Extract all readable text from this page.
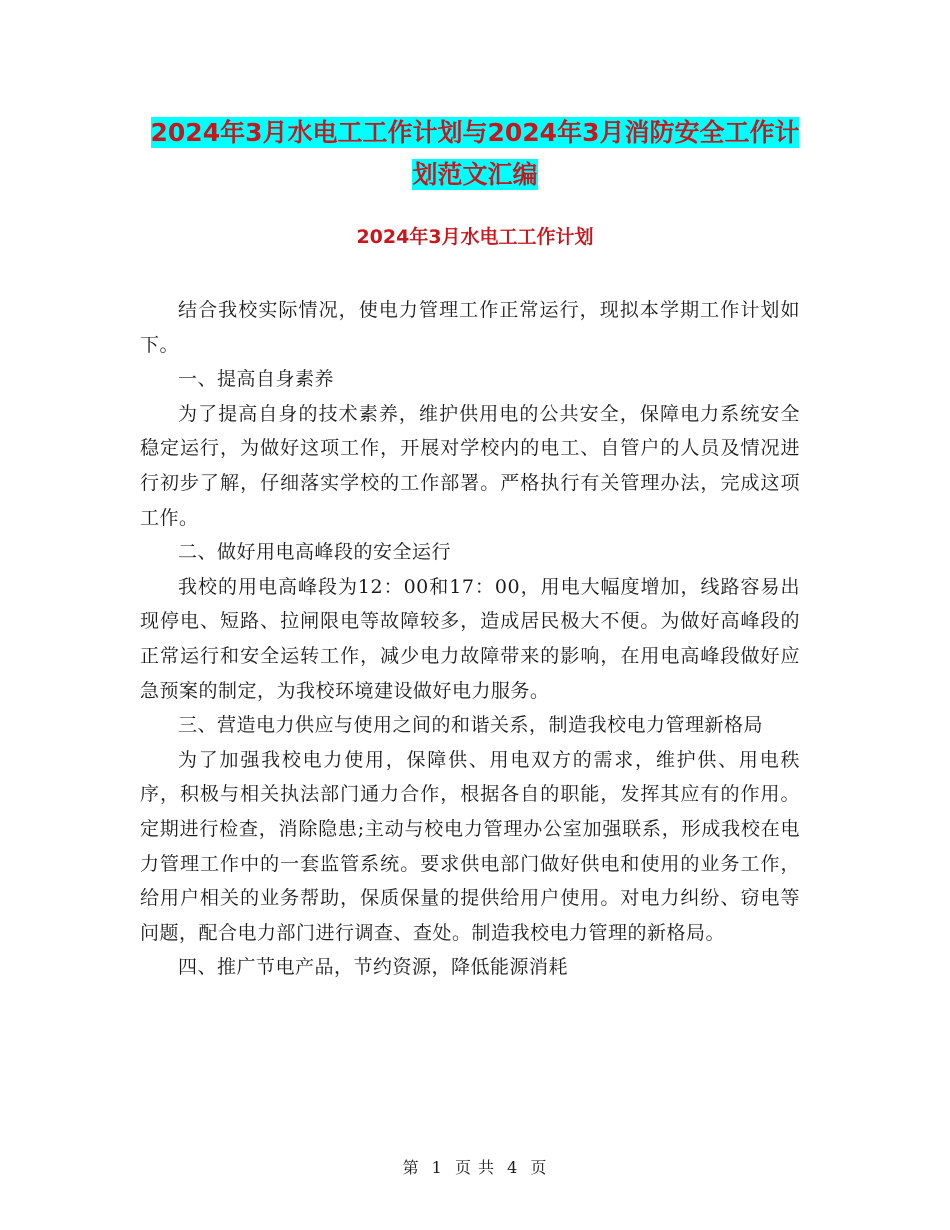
2024年3月水电工工作计划与2024年3月消防安全工作计划范文汇编
2024年3月水电工工作计划

结合我校实际情况，使电力管理工作正常运行，现拟本学期工作计划如下。

一、提高自身素养

为了提高自身的技术素养，维护供用电的公共安全，保障电力系统安全稳定运行，为做好这项工作，开展对学校内的电工、自管户的人员及情况进行初步了解，仔细落实学校的工作部署。严格执行有关管理办法，完成这项工作。

二、做好用电高峰段的安全运行

我校的用电高峰段为12：00和17：00，用电大幅度增加，线路容易出现停电、短路、拉闸限电等故障较多，造成居民极大不便。为做好高峰段的正常运行和安全运转工作，减少电力故障带来的影响，在用电高峰段做好应急预案的制定，为我校环境建设做好电力服务。

三、营造电力供应与使用之间的和谐关系，制造我校电力管理新格局

为了加强我校电力使用，保障供、用电双方的需求，维护供、用电秩序，积极与相关执法部门通力合作，根据各自的职能，发挥其应有的作用。定期进行检查，消除隐患;主动与校电力管理办公室加强联系，形成我校在电力管理工作中的一套监管系统。要求供电部门做好供电和使用的业务工作，给用户相关的业务帮助，保质保量的提供给用户使用。对电力纠纷、窃电等问题，配合电力部门进行调查、查处。制造我校电力管理的新格局。

四、推广节电产品，节约资源，降低能源消耗

第 1 页 共 4 页
